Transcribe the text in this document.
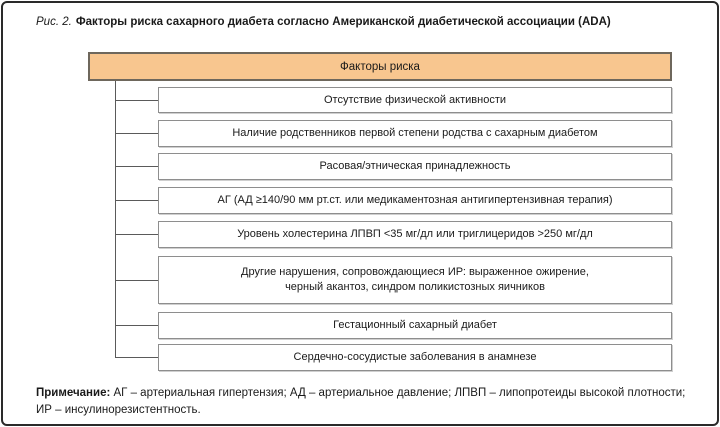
Рис. 2. Факторы риска сахарного диабета согласно Американской диабетической ассоциации (ADA)
Факторы риска
Отсутствие физической активности
Наличие родственников первой степени родства с сахарным диабетом
Расовая/этническая принадлежность
АГ (АД ≥140/90 мм рт.ст. или медикаментозная антигипертензивная терапия)
Уровень холестерина ЛПВП <35 мг/дл или триглицеридов >250 мг/дл
Другие нарушения, сопровождающиеся ИР: выраженное ожирение,
черный акантоз, синдром поликистозных яичников
Гестационный сахарный диабет
Сердечно-сосудистые заболевания в анамнезе
Примечание: АГ – артериальная гипертензия; АД – артериальное давление; ЛПВП – липопротеиды высокой плотности;
ИР – инсулинорезистентность.
